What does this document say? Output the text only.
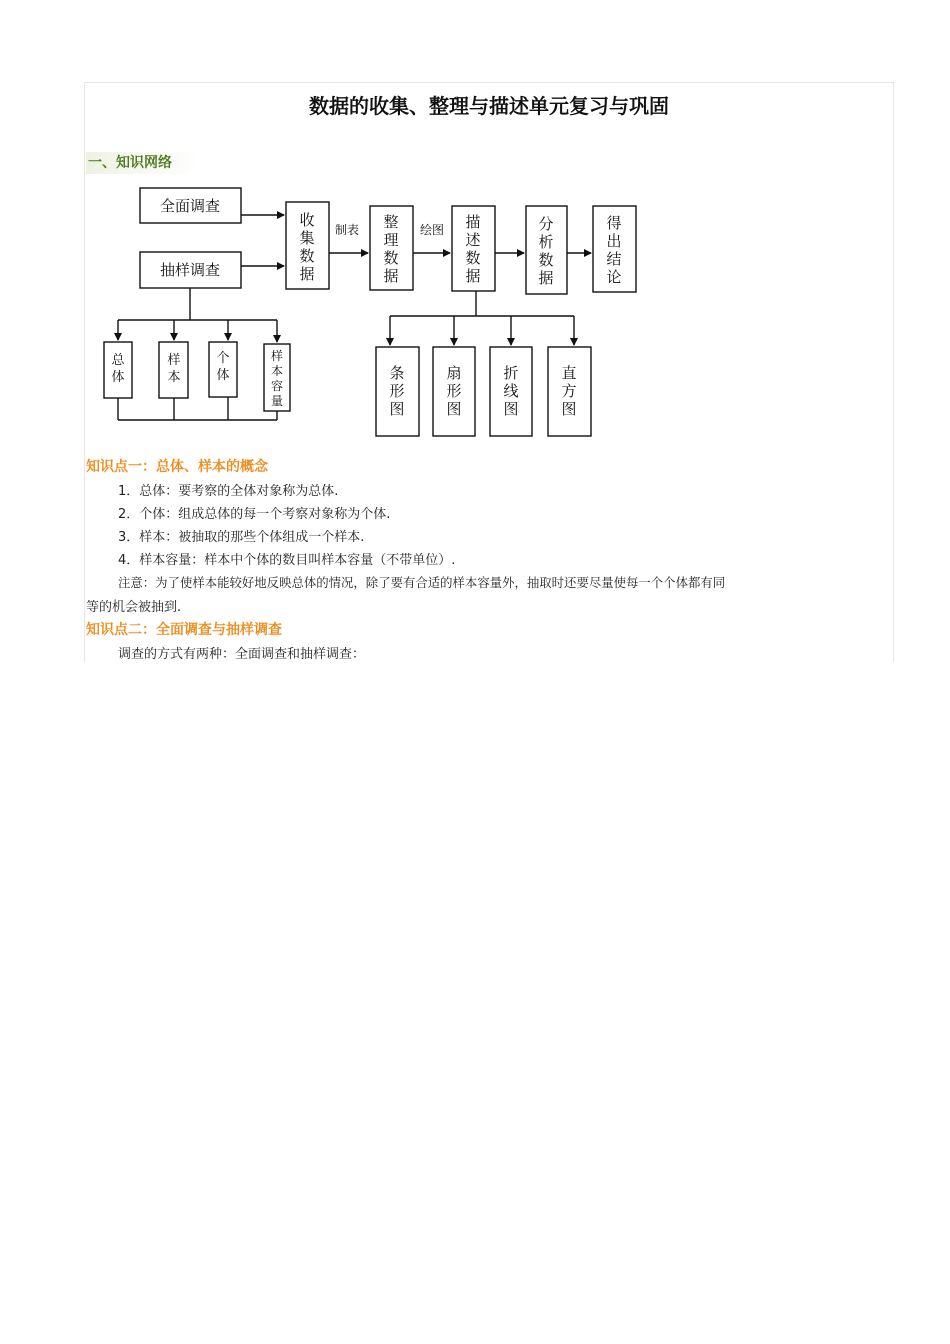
数据的收集、整理与描述单元复习与巩固
一、知识网络
全面调查
抽样调查
制表	绘图
收
集
数
据
整
理
数
据
描
述
数
据
分
析
数
据
得
出
结
论
总
体
样
本
个
体
样
本
容
量
条
形
图
扇
形
图
折
线
图
直
方
图
知识点一：总体、样本的概念
1．总体：要考察的全体对象称为总体.
2．个体：组成总体的每一个考察对象称为个体.
3．样本：被抽取的那些个体组成一个样本.
4．样本容量：样本中个体的数目叫样本容量（不带单位）.
注意：为了使样本能较好地反映总体的情况，除了要有合适的样本容量外，抽取时还要尽量使每一个个体都有同
等的机会被抽到.
知识点二：全面调查与抽样调查
调查的方式有两种：全面调查和抽样调查：
